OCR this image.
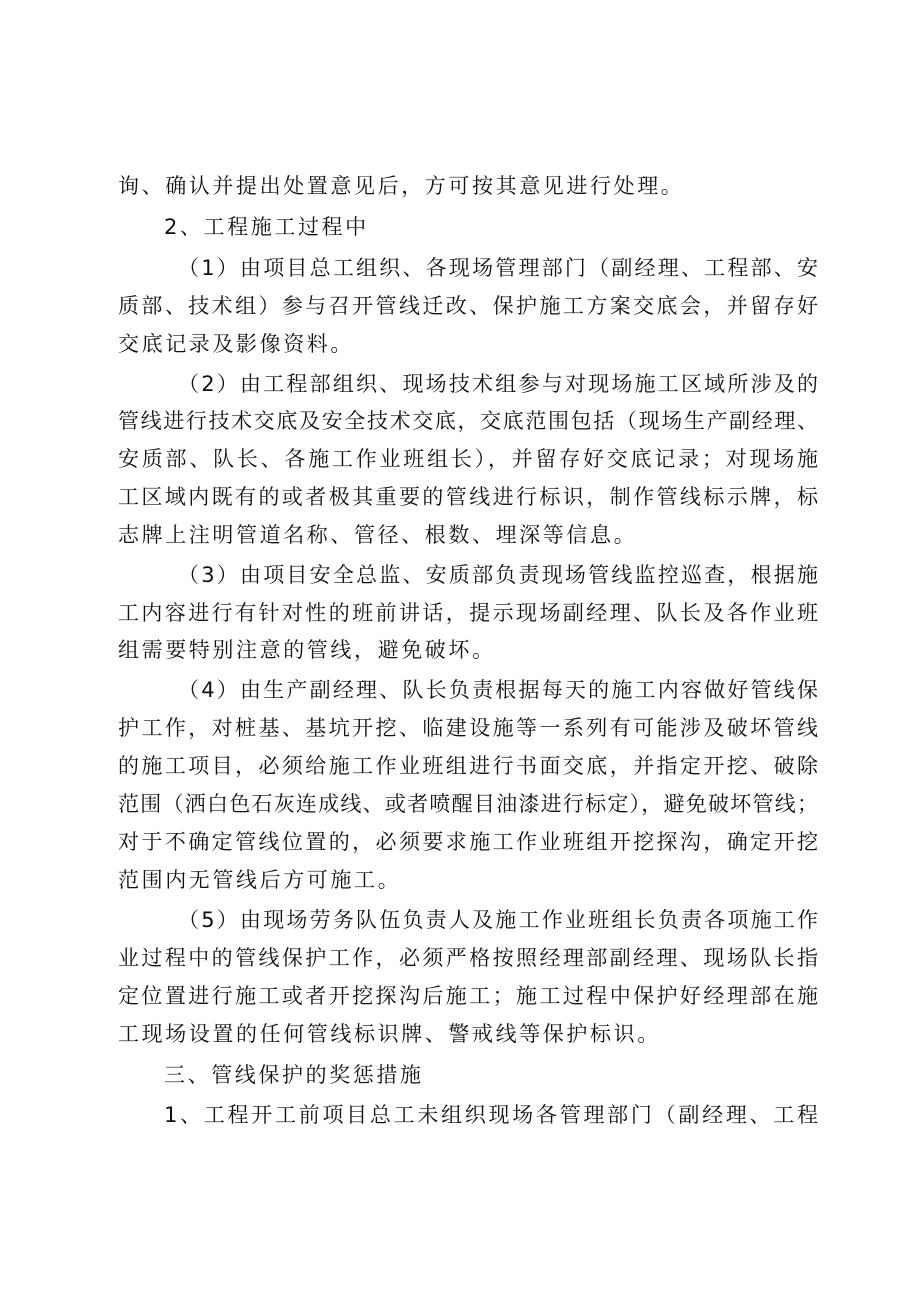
询、确认并提出处置意见后，方可按其意见进行处理。
2、工程施工过程中
（1）由项目总工组织、各现场管理部门（副经理、工程部、安
质部、技术组）参与召开管线迁改、保护施工方案交底会，并留存好
交底记录及影像资料。
（2）由工程部组织、现场技术组参与对现场施工区域所涉及的
管线进行技术交底及安全技术交底，交底范围包括（现场生产副经理、
安质部、队长、各施工作业班组长），并留存好交底记录；对现场施
工区域内既有的或者极其重要的管线进行标识，制作管线标示牌，标
志牌上注明管道名称、管径、根数、埋深等信息。
（3）由项目安全总监、安质部负责现场管线监控巡查，根据施
工内容进行有针对性的班前讲话，提示现场副经理、队长及各作业班
组需要特别注意的管线，避免破坏。
（4）由生产副经理、队长负责根据每天的施工内容做好管线保
护工作，对桩基、基坑开挖、临建设施等一系列有可能涉及破坏管线
的施工项目，必须给施工作业班组进行书面交底，并指定开挖、破除
范围（洒白色石灰连成线、或者喷醒目油漆进行标定），避免破坏管线；
对于不确定管线位置的，必须要求施工作业班组开挖探沟，确定开挖
范围内无管线后方可施工。
（5）由现场劳务队伍负责人及施工作业班组长负责各项施工作
业过程中的管线保护工作，必须严格按照经理部副经理、现场队长指
定位置进行施工或者开挖探沟后施工；施工过程中保护好经理部在施
工现场设置的任何管线标识牌、警戒线等保护标识。
三、管线保护的奖惩措施
1、工程开工前项目总工未组织现场各管理部门（副经理、工程
